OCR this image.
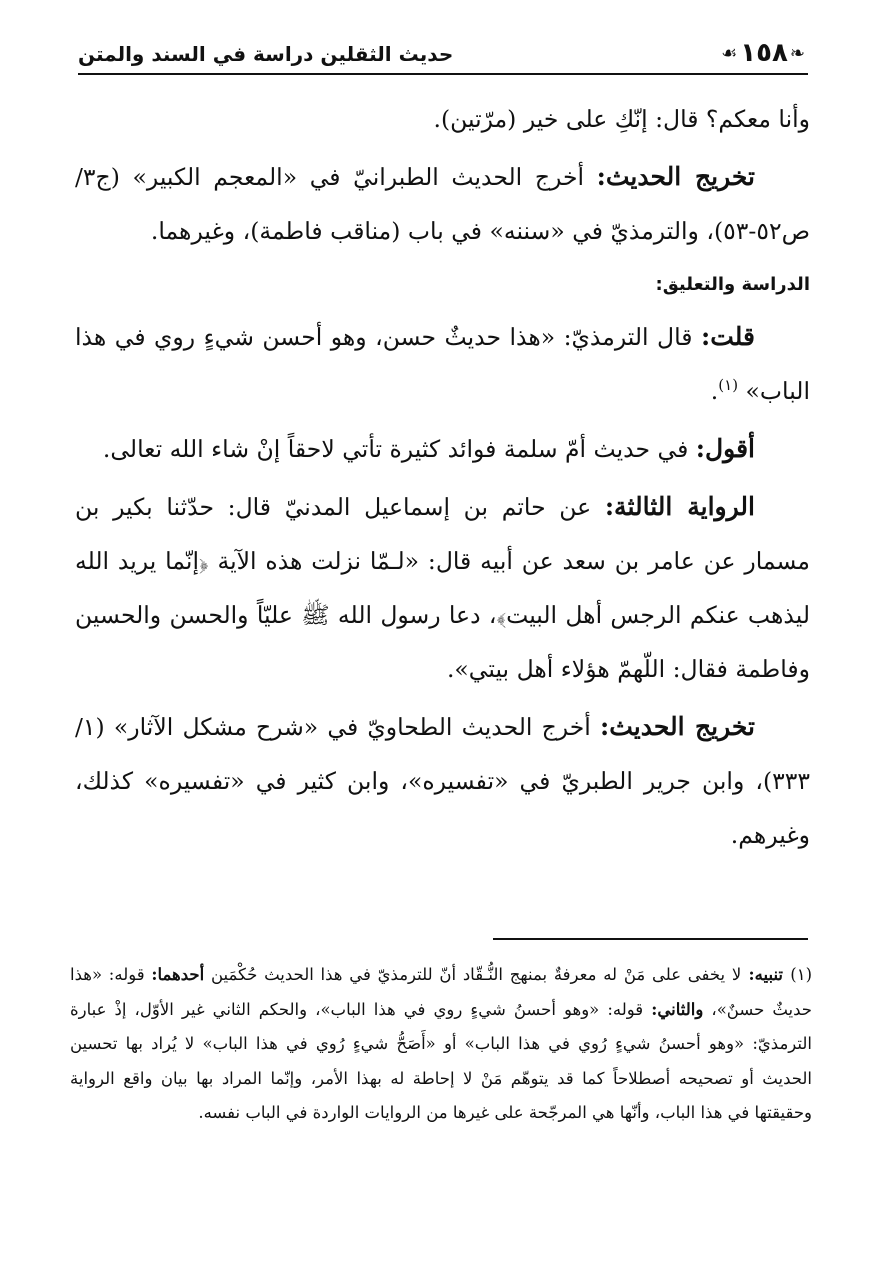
❧١٥٨☙
حديث الثقلين دراسة في السند والمتن

وأنا معكم؟ قال: إنّكِ على خير (مرّتين).

تخريج الحديث: أخرج الحديث الطبرانيّ في «المعجم الكبير» (ج٣/ ص٥٢-٥٣)، والترمذيّ في «سننه» في باب (مناقب فاطمة)، وغيرهما.

الدراسة والتعليق:

قلت: قال الترمذيّ: «هذا حديثٌ حسن، وهو أحسن شيءٍ روي في هذا الباب» $^{(١)}$.

أقول: في حديث أمّ سلمة فوائد كثيرة تأتي لاحقاً إنْ شاء الله تعالى.

الرواية الثالثة: عن حاتم بن إسماعيل المدنيّ قال: حدّثنا بكير بن مسمار عن عامر بن سعد عن أبيه قال: «لـمّا نزلت هذه الآية ﴿إنّما يريد الله ليذهب عنكم الرجس أهل البيت﴾، دعا رسول الله ﷺ عليّاً والحسن والحسين وفاطمة فقال: اللّهمّ هؤلاء أهل بيتي».

تخريج الحديث: أخرج الحديث الطحاويّ في «شرح مشكل الآثار» (١/ ٣٣٣)، وابن جرير الطبريّ في «تفسيره»، وابن كثير في «تفسيره» كذلك، وغيرهم.

(١) تنبيه: لا يخفى على مَنْ له معرفةٌ بمنهج النُّـقّاد أنّ للترمذيّ في هذا الحديث حُكْمَين أحدهما: قوله: «هذا حديثٌ حسنٌ»، والثاني: قوله: «وهو أحسنُ شيءٍ روي في هذا الباب»، والحكم الثاني غير الأوّل، إذْ عبارة الترمذيّ: «وهو أحسنُ شيءٍ رُوي في هذا الباب» أو «أَصَحُّ شيءٍ رُوي في هذا الباب» لا يُراد بها تحسين الحديث أو تصحيحه أصطلاحاً كما قد يتوهّم مَنْ لا إحاطة له بهذا الأمر، وإنّما المراد بها بيان واقع الرواية وحقيقتها في هذا الباب، وأنّها هي المرجّحة على غيرها من الروايات الواردة في الباب نفسه.
